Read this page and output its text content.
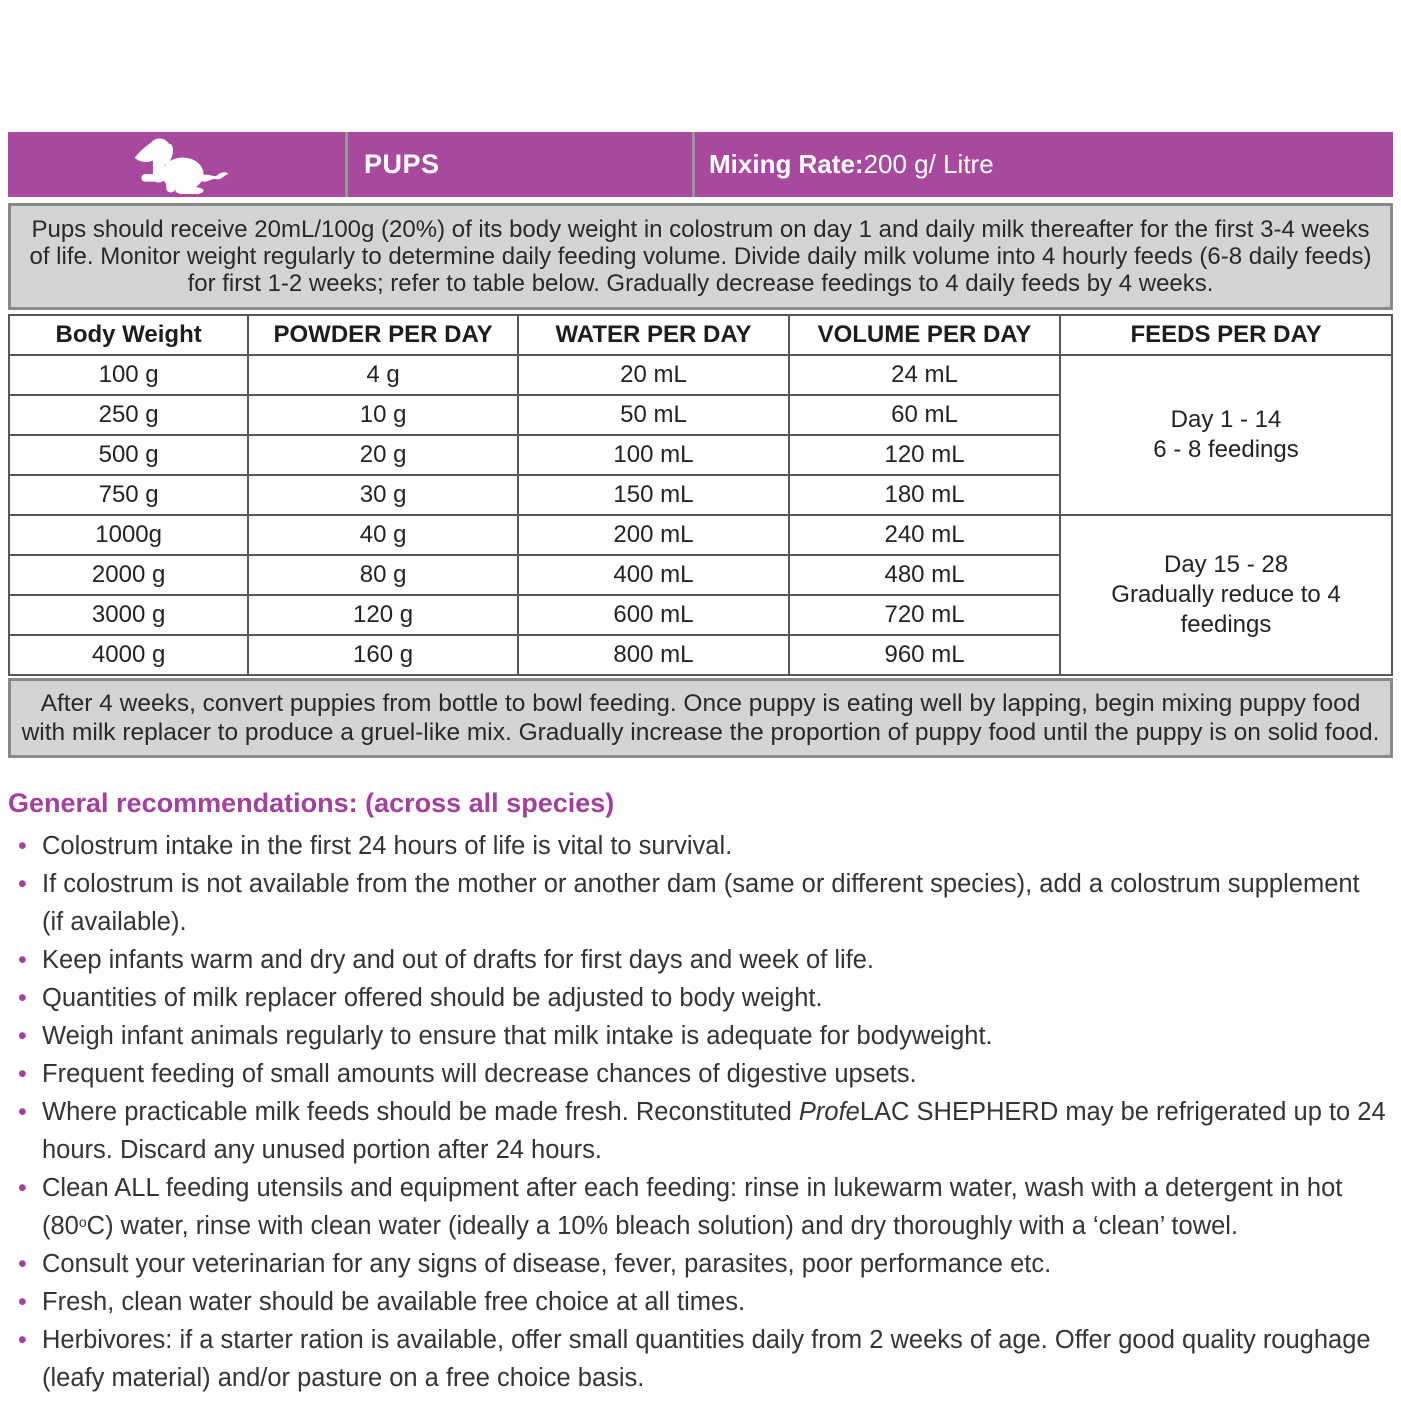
PUPS	Mixing Rate: 200 g/ Litre
Pups should receive 20mL/100g (20%) of its body weight in colostrum on day 1 and daily milk thereafter for the first 3-4 weeks of life. Monitor weight regularly to determine daily feeding volume. Divide daily milk volume into 4 hourly feeds (6-8 daily feeds) for first 1-2 weeks; refer to table below. Gradually decrease feedings to 4 daily feeds by 4 weeks.
Body Weight	POWDER PER DAY	WATER PER DAY	VOLUME PER DAY	FEEDS PER DAY
100 g	4 g	20 mL	24 mL	Day 1 - 14
6 - 8 feedings

250 g	10 g	50 mL	60 mL	
500 g	20 g	100 mL	120 mL	
750 g	30 g	150 mL	180 mL	
1000g	40 g	200 mL	240 mL	Day 15 - 28
Gradually reduce to 4
feedings

2000 g	80 g	400 mL	480 mL	
3000 g	120 g	600 mL	720 mL	
4000 g	160 g	800 mL	960 mL	
After 4 weeks, convert puppies from bottle to bowl feeding. Once puppy is eating well by lapping, begin mixing puppy food with milk replacer to produce a gruel-like mix. Gradually increase the proportion of puppy food until the puppy is on solid food.
General recommendations: (across all species)
• Colostrum intake in the first 24 hours of life is vital to survival.
• If colostrum is not available from the mother or another dam (same or different species), add a colostrum supplement (if available).
• Keep infants warm and dry and out of drafts for first days and week of life.
• Quantities of milk replacer offered should be adjusted to body weight.
• Weigh infant animals regularly to ensure that milk intake is adequate for bodyweight.
• Frequent feeding of small amounts will decrease chances of digestive upsets.
• Where practicable milk feeds should be made fresh. Reconstituted ProfeLAC SHEPHERD may be refrigerated up to 24 hours. Discard any unused portion after 24 hours.
• Clean ALL feeding utensils and equipment after each feeding: rinse in lukewarm water, wash with a detergent in hot (80$^o$C) water, rinse with clean water (ideally a 10% bleach solution) and dry thoroughly with a ‘clean’ towel.
• Consult your veterinarian for any signs of disease, fever, parasites, poor performance etc.
• Fresh, clean water should be available free choice at all times.
• Herbivores: if a starter ration is available, offer small quantities daily from 2 weeks of age. Offer good quality roughage (leafy material) and/or pasture on a free choice basis.
